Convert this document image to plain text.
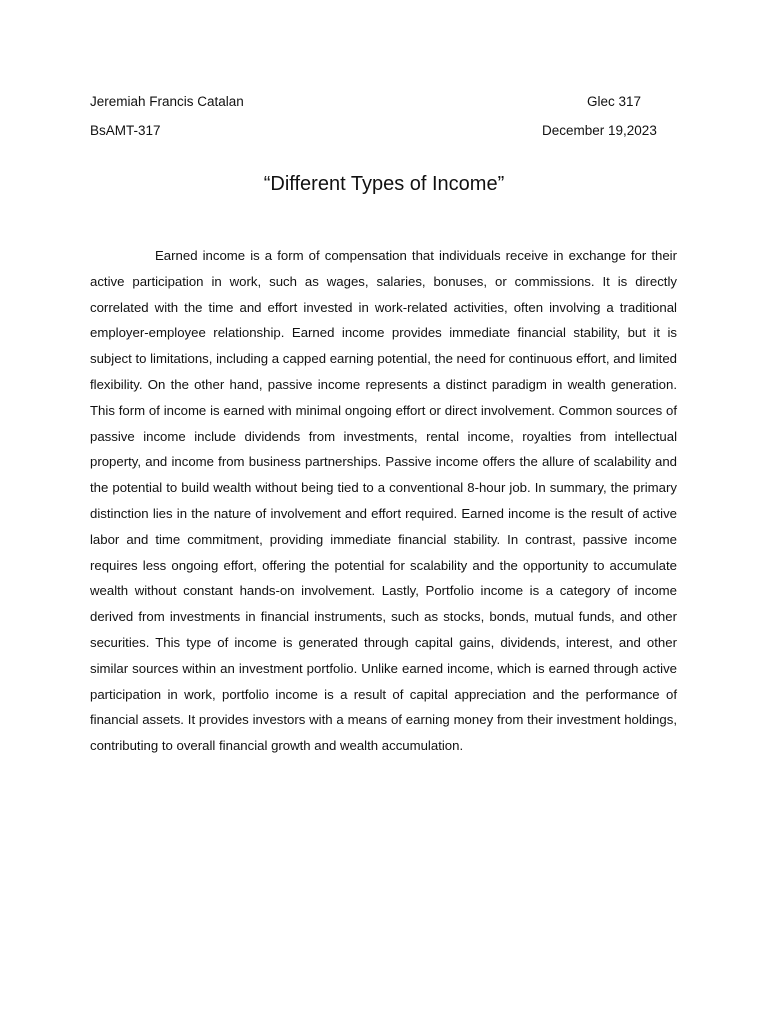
Jeremiah Francis Catalan	Glec 317
BsAMT-317	December 19,2023
“Different Types of Income”

Earned income is a form of compensation that individuals receive in exchange for their active participation in work, such as wages, salaries, bonuses, or commissions. It is directly correlated with the time and effort invested in work-related activities, often involving a traditional employer-employee relationship. Earned income provides immediate financial stability, but it is subject to limitations, including a capped earning potential, the need for continuous effort, and limited flexibility. On the other hand, passive income represents a distinct paradigm in wealth generation. This form of income is earned with minimal ongoing effort or direct involvement. Common sources of passive income include dividends from investments, rental income, royalties from intellectual property, and income from business partnerships. Passive income offers the allure of scalability and the potential to build wealth without being tied to a conventional 8-hour job. In summary, the primary distinction lies in the nature of involvement and effort required. Earned income is the result of active labor and time commitment, providing immediate financial stability. In contrast, passive income requires less ongoing effort, offering the potential for scalability and the opportunity to accumulate wealth without constant hands-on involvement. Lastly, Portfolio income is a category of income derived from investments in financial instruments, such as stocks, bonds, mutual funds, and other securities. This type of income is generated through capital gains, dividends, interest, and other similar sources within an investment portfolio. Unlike earned income, which is earned through active participation in work, portfolio income is a result of capital appreciation and the performance of financial assets. It provides investors with a means of earning money from their investment holdings, contributing to overall financial growth and wealth accumulation.
